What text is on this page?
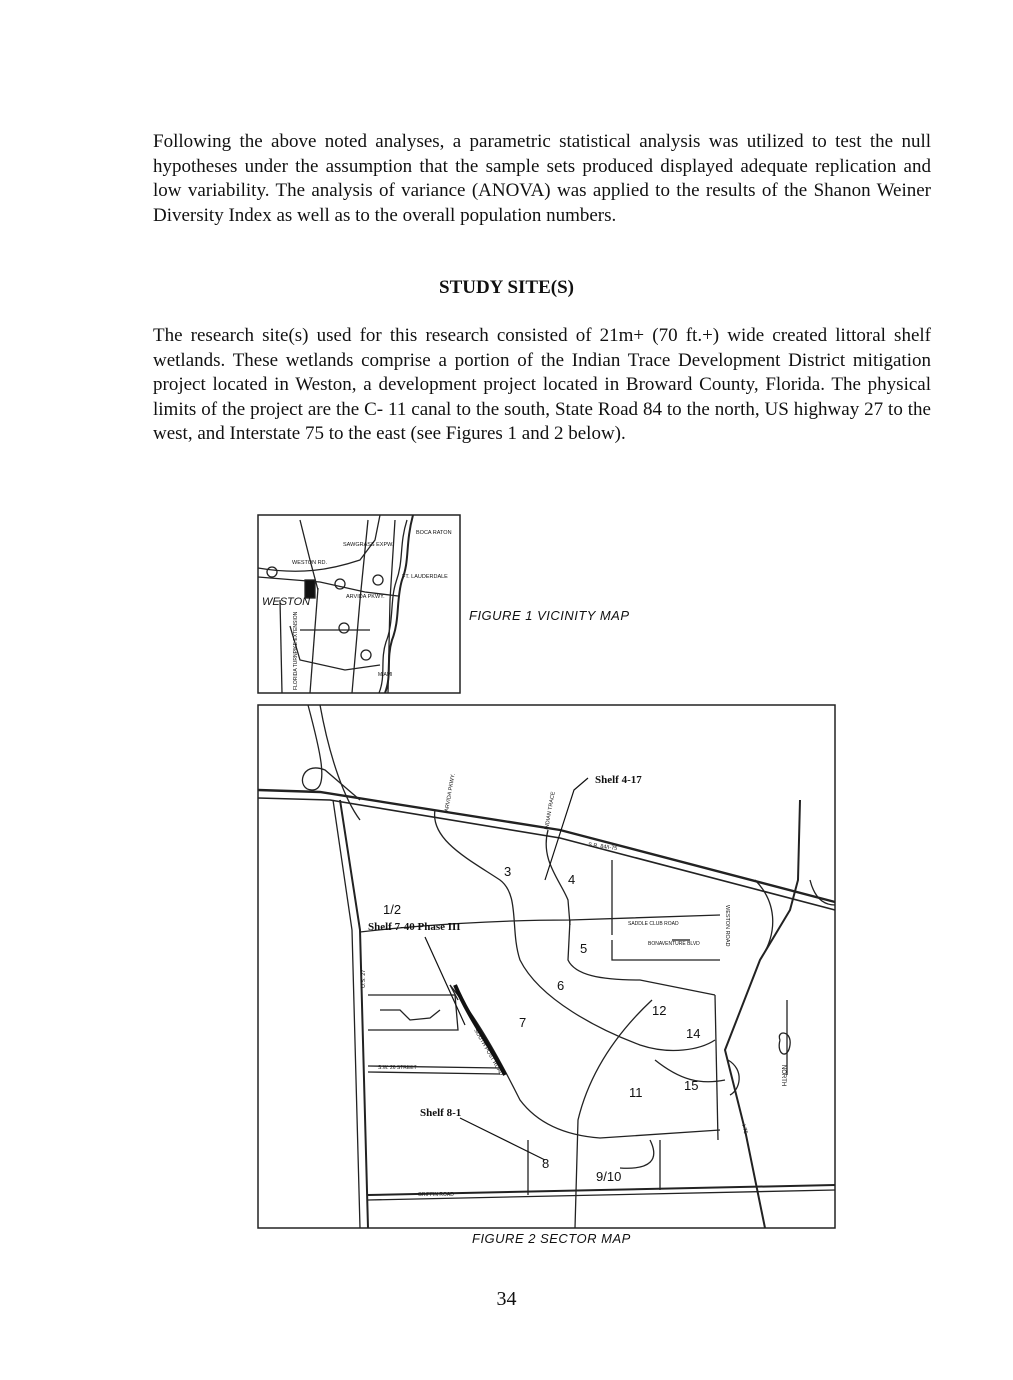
Following the above noted analyses, a parametric statistical analysis was utilized to test the null hypotheses under the assumption that the sample sets produced displayed adequate replication and low variability. The analysis of variance (ANOVA) was applied to the results of the Shanon Weiner Diversity Index as well as to the overall population numbers.

STUDY SITE(S)

The research site(s) used for this research consisted of 21m+ (70 ft.+) wide created littoral shelf wetlands. These wetlands comprise a portion of the Indian Trace Development District mitigation project located in Weston, a development project located in Broward County, Florida. The physical limits of the project are the C- 11 canal to the south, State Road 84 to the north, US highway 27 to the west, and Interstate 75 to the east (see Figures 1 and 2 below).

SAWGRASS EXPW.
BOCA RATON
WESTON RD.
FT. LAUDERDALE
ARVIDA PKWY.
WESTON
FLORIDA TURNPIKE EXTENSION	MIAMI
Shelf 4-17
Shelf 7-40 Phase III
Shelf 8-1
ARVIDA PKWY.	INDIAN TRACE
S.R. 84/I-75
SADDLE CLUB ROAD
BONAVENTURE BLVD	WESTON ROAD
U.S. 27
SOUTH POST ROAD
S.W. 26 STREET
GRIFFIN ROAD
I-75
NORTH
1/2
3
4
5
6
7
12
14
15
11
8
9/10
FIGURE 1 VICINITY MAP
FIGURE 2 SECTOR MAP
34
